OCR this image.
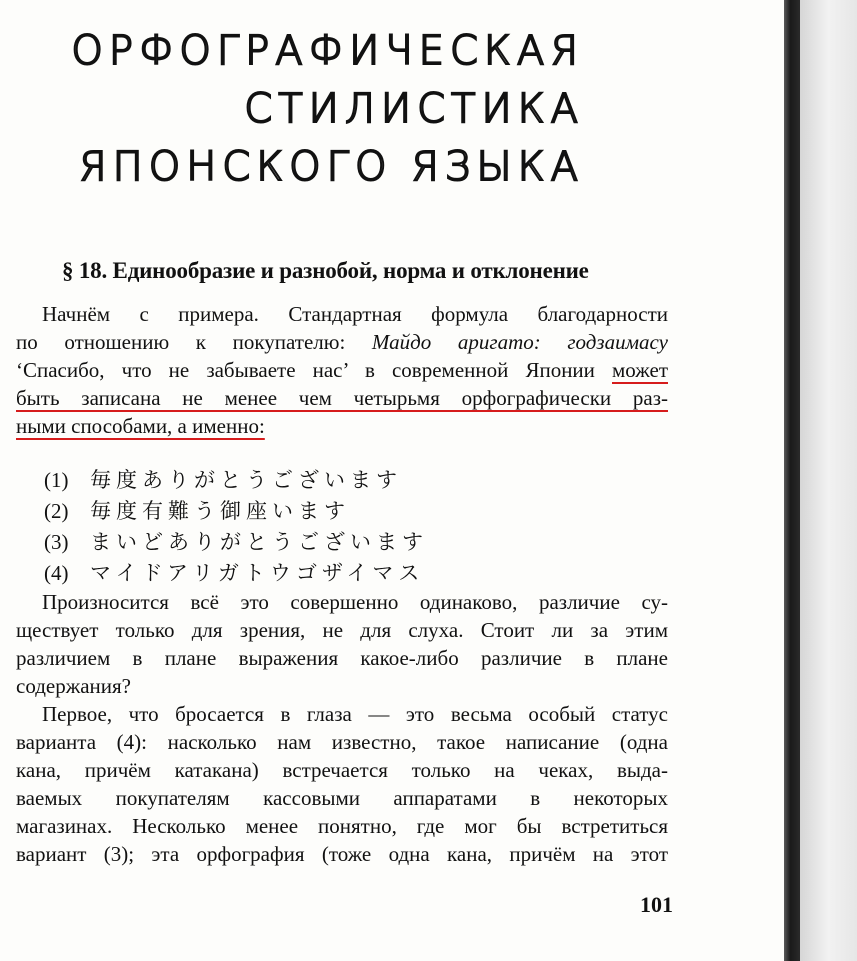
ОРФОГРАФИЧЕСКАЯ
СТИЛИСТИКА
ЯПОНСКОГО ЯЗЫКА
§ 18. Единообразие и разнобой, норма и отклонение
Начнём с примера. Стандартная формула благодарности
по отношению к покупателю: Майдо аригато: годзаимасу
‘Спасибо, что не забываете нас’ в современной Японии может
быть записана не менее чем четырьмя орфографически раз-
ными способами, а именно:
(1)	毎度ありがとうございます
(2)	毎度有難う御座います
(3)	まいどありがとうございます
(4)	マイドアリガトウゴザイマス
Произносится всё это совершенно одинаково, различие су-
ществует только для зрения, не для слуха. Стоит ли за этим
различием в плане выражения какое-либо различие в плане
содержания?
Первое, что бросается в глаза — это весьма особый статус
варианта (4): насколько нам известно, такое написание (одна
кана, причём катакана) встречается только на чеках, выда-
ваемых покупателям кассовыми аппаратами в некоторых
магазинах. Несколько менее понятно, где мог бы встретиться
вариант (3); эта орфография (тоже одна кана, причём на этот
101
